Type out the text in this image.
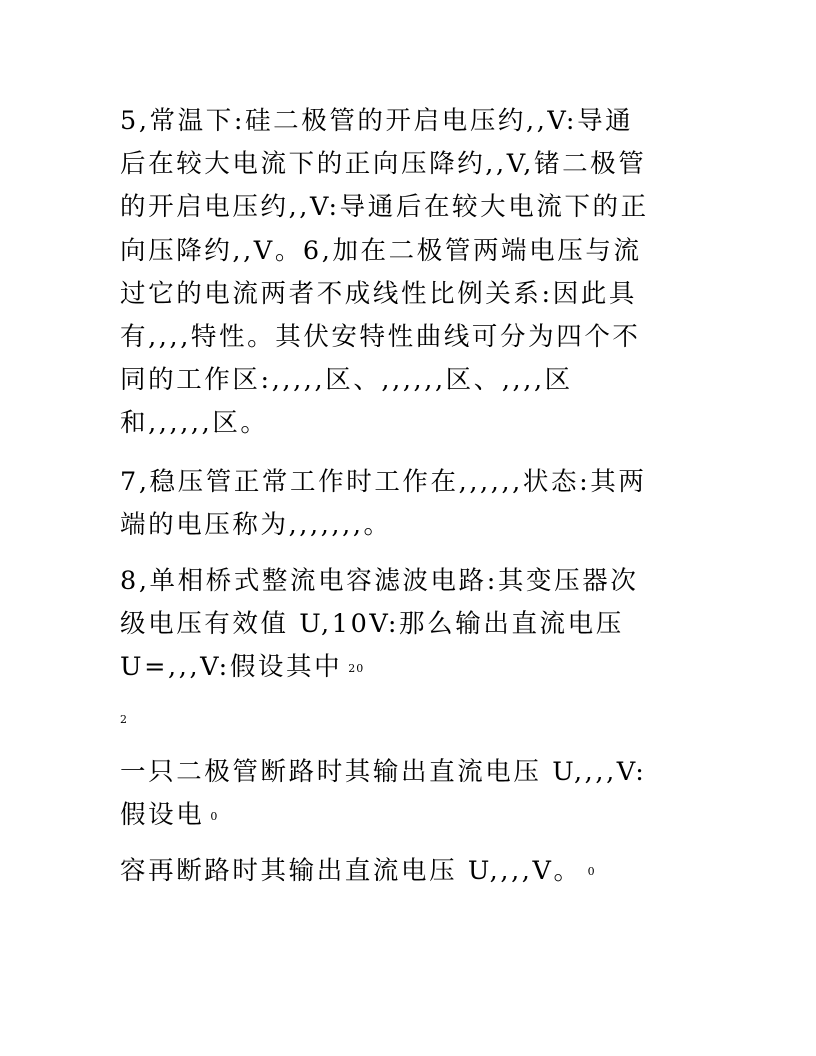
5,常温下:硅二极管的开启电压约,,V:导通
后在较大电流下的正向压降约,,V,锗二极管
的开启电压约,,V:导通后在较大电流下的正
向压降约,,V。6,加在二极管两端电压与流
过它的电流两者不成线性比例关系:因此具
有,,,,特性。其伏安特性曲线可分为四个不
同的工作区:,,,,,区、,,,,,,区、,,,,区
和,,,,,,区。

7,稳压管正常工作时工作在,,,,,,状态:其两
端的电压称为,,,,,,,。

8,单相桥式整流电容滤波电路:其变压器次
级电压有效值 U,10V:那么输出直流电压
U=,,,V:假设其中 20

2

一只二极管断路时其输出直流电压 U,,,,V:
假设电 0

容再断路时其输出直流电压 U,,,,V。 0
